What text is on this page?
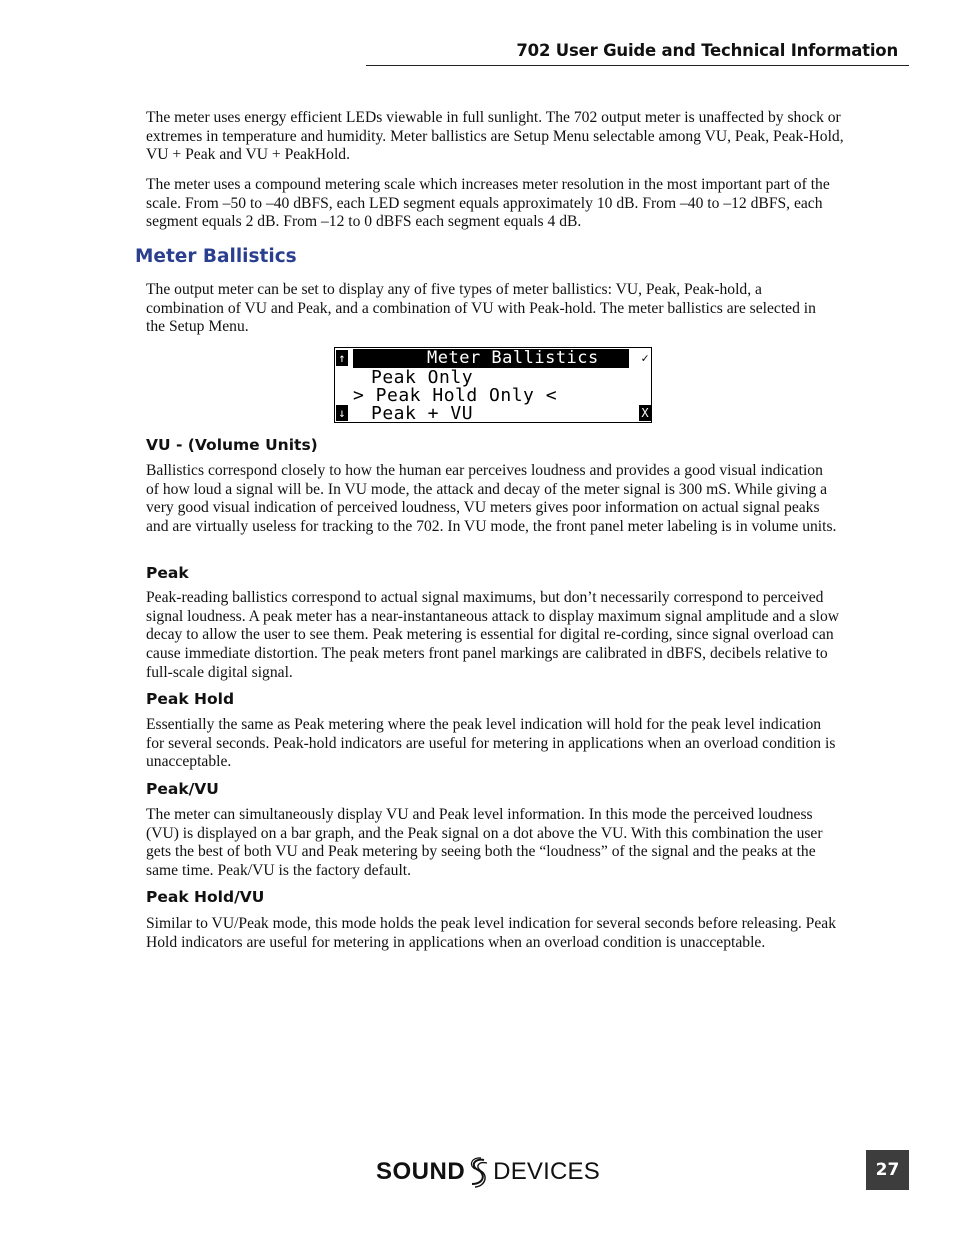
702 User Guide and Technical Information

The meter uses energy efficient LEDs viewable in full sunlight. The 702 output meter is unaffected by shock or extremes in temperature and humidity. Meter ballistics are Setup Menu selectable among VU, Peak, Peak-Hold, VU + Peak and VU + PeakHold.

The meter uses a compound metering scale which increases meter resolution in the most important part of the scale. From –50 to –40 dBFS, each LED segment equals approximately 10 dB. From –40 to –12 dBFS, each segment equals 2 dB. From –12 to 0 dBFS each segment equals 4 dB.

Meter Ballistics

The output meter can be set to display any of five types of meter ballistics: VU, Peak, Peak-hold, a combination of VU and Peak, and a combination of VU with Peak-hold. The meter ballistics are selected in the Setup Menu.

↑	Meter Ballistics	✓
Peak Only
> Peak Hold Only <
↓ Peak + VU	X

VU - (Volume Units)

Ballistics correspond closely to how the human ear perceives loudness and provides a good visual indication of how loud a signal will be. In VU mode, the attack and decay of the meter signal is 300 mS. While giving a very good visual indication of perceived loudness, VU meters gives poor information on actual signal peaks and are virtually useless for tracking to the 702. In VU mode, the front panel meter labeling is in volume units.

Peak

Peak-reading ballistics correspond to actual signal maximums, but don’t necessarily correspond to perceived signal loudness. A peak meter has a near-instantaneous attack to display maximum signal amplitude and a slow decay to allow the user to see them. Peak metering is essential for digital re-cording, since signal overload can cause immediate distortion. The peak meters front panel markings are calibrated in dBFS, decibels relative to full-scale digital signal.

Peak Hold

Essentially the same as Peak metering where the peak level indication will hold for the peak level indication for several seconds. Peak-hold indicators are useful for metering in applications when an overload condition is unacceptable.

Peak/VU

The meter can simultaneously display VU and Peak level information. In this mode the perceived loudness (VU) is displayed on a bar graph, and the Peak signal on a dot above the VU. With this combination the user gets the best of both VU and Peak metering by seeing both the “loudness” of the signal and the peaks at the same time. Peak/VU is the factory default.

Peak Hold/VU

Similar to VU/Peak mode, this mode holds the peak level indication for several seconds before releasing. Peak Hold indicators are useful for metering in applications when an overload condition is unacceptable.

SOUND DEVICES	27
